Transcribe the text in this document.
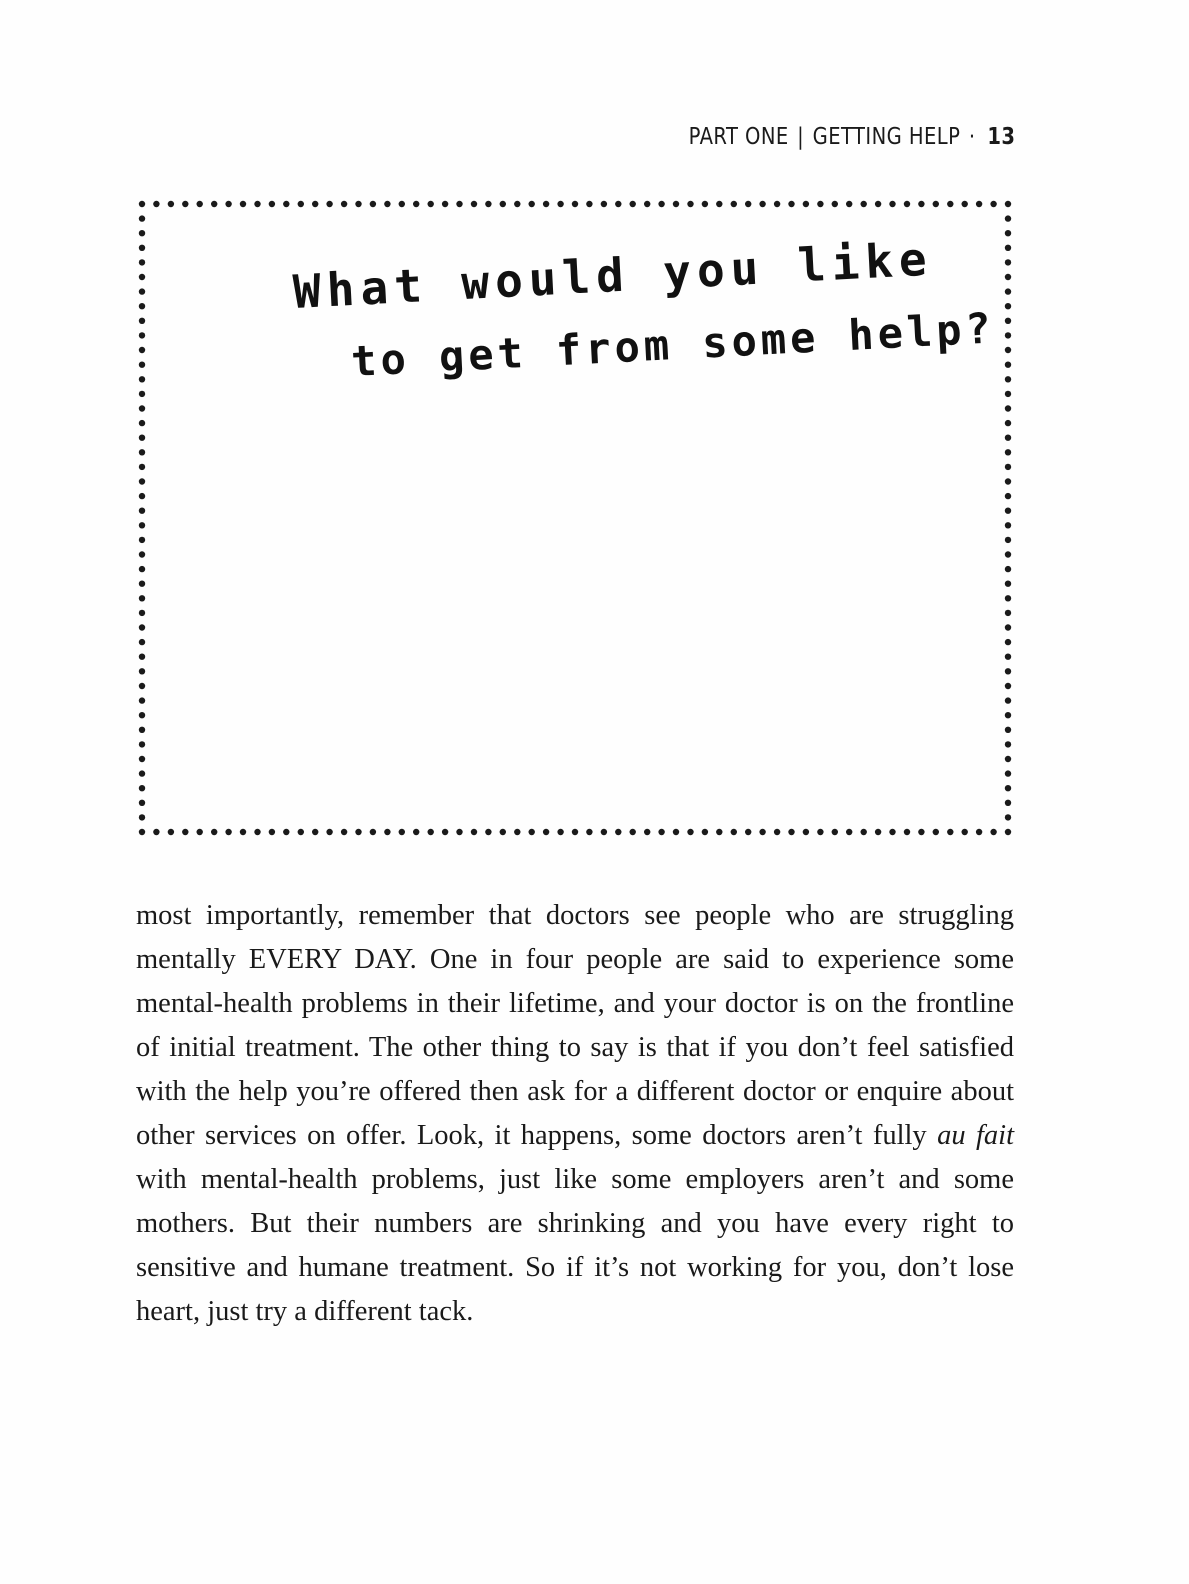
PART ONE | GETTING HELP · 13
What would you like
to get from some help?

most importantly, remember that doctors see people who are struggling mentally EVERY DAY. One in four people are said to experience some mental-health problems in their lifetime, and your doctor is on the frontline of initial treatment. The other thing to say is that if you don’t feel satisfied with the help you’re offered then ask for a different doctor or enquire about other services on offer. Look, it happens, some doctors aren’t fully au fait with mental-health problems, just like some employers aren’t and some mothers. But their numbers are shrinking and you have every right to sensitive and humane treatment. So if it’s not working for you, don’t lose heart, just try a different tack.
